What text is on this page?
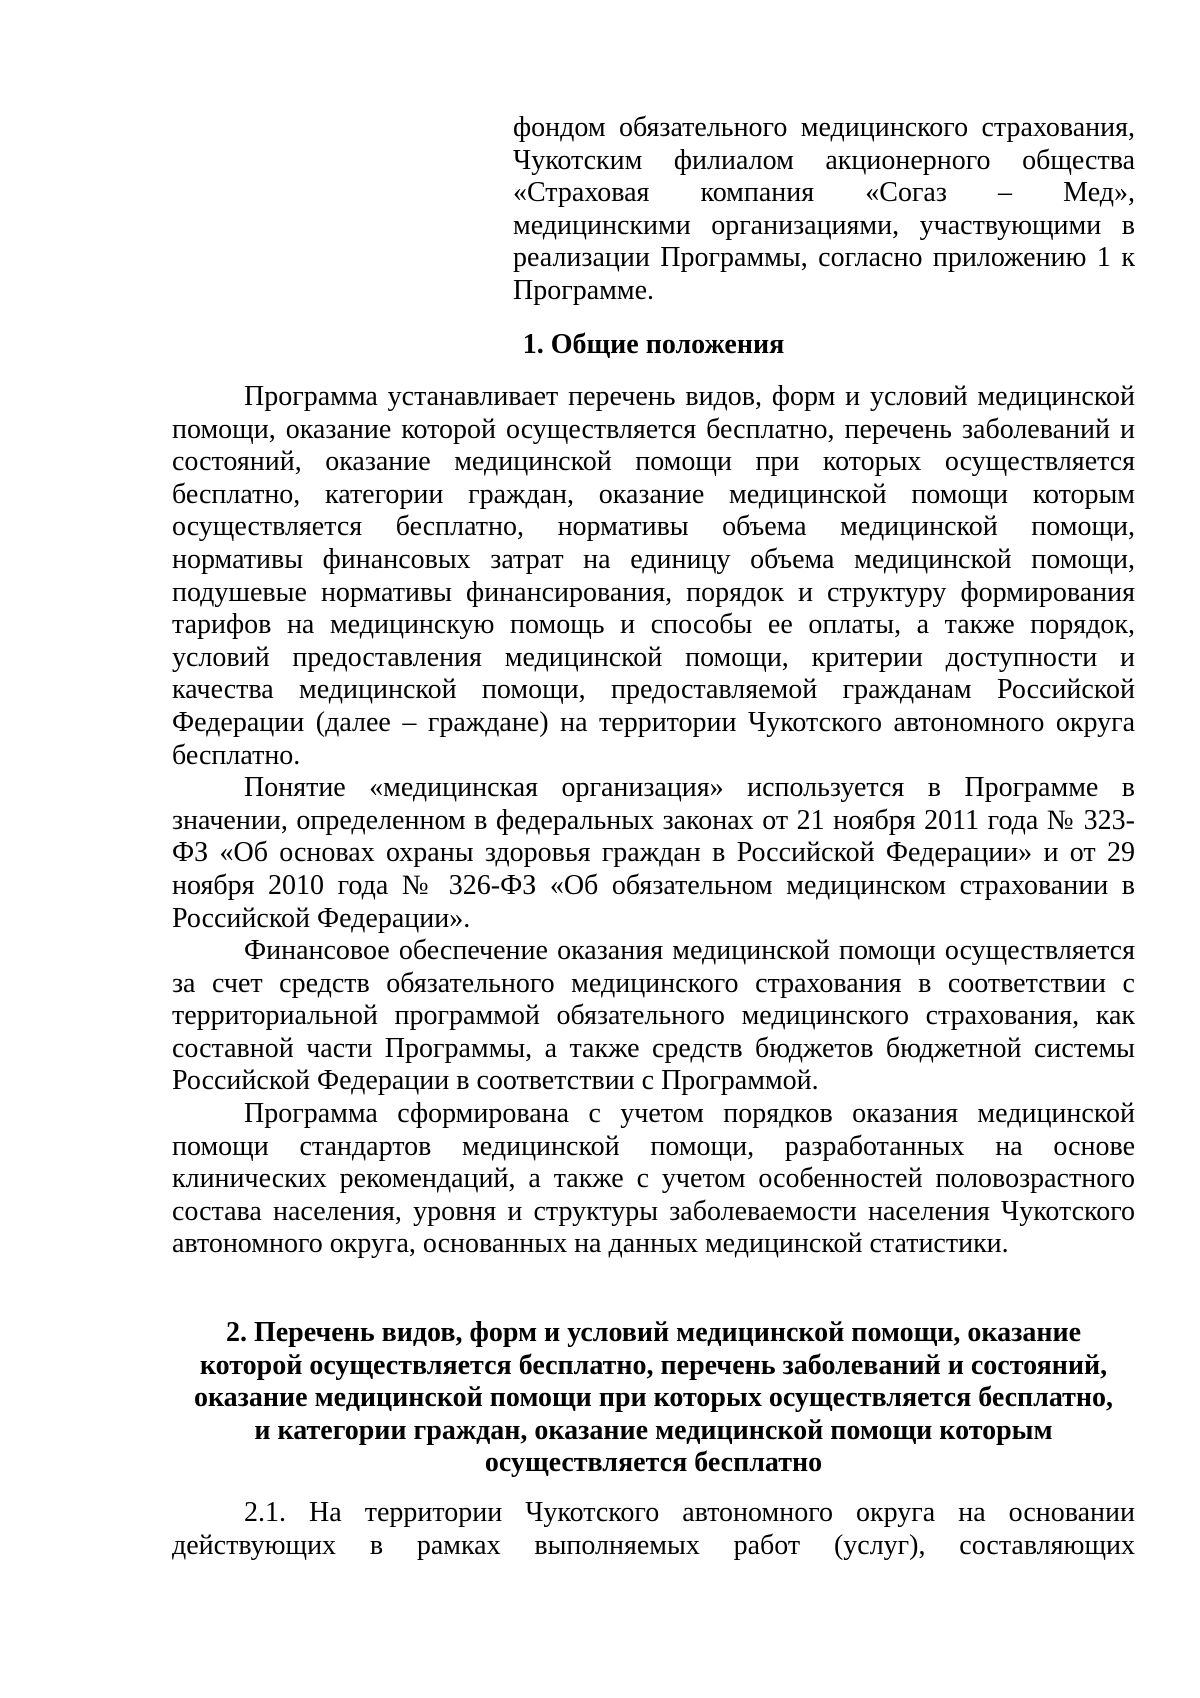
фондом обязательного медицинского страхования, Чукотским филиалом акционерного общества «Страховая компания «Согаз – Мед», медицинскими организациями, участвующими в реализации Программы, согласно приложению 1 к Программе.

1. Общие положения

Программа устанавливает перечень видов, форм и условий медицинской помощи, оказание которой осуществляется бесплатно, перечень заболеваний и состояний, оказание медицинской помощи при которых осуществляется бесплатно, категории граждан, оказание медицинской помощи которым осуществляется бесплатно, нормативы объема медицинской помощи, нормативы финансовых затрат на единицу объема медицинской помощи, подушевые нормативы финансирования, порядок и структуру формирования тарифов на медицинскую помощь и способы ее оплаты, а также порядок, условий предоставления медицинской помощи, критерии доступности и качества медицинской помощи, предоставляемой гражданам Российской Федерации (далее – граждане) на территории Чукотского автономного округа бесплатно.

Понятие «медицинская организация» используется в Программе в значении, определенном в федеральных законах от 21 ноября 2011 года № 323-ФЗ «Об основах охраны здоровья граждан в Российской Федерации» и от 29 ноября 2010 года № 326-ФЗ «Об обязательном медицинском страховании в Российской Федерации».

Финансовое обеспечение оказания медицинской помощи осуществляется за счет средств обязательного медицинского страхования в соответствии с территориальной программой обязательного медицинского страхования, как составной части Программы, а также средств бюджетов бюджетной системы Российской Федерации в соответствии с Программой.

Программа сформирована с учетом порядков оказания медицинской помощи стандартов медицинской помощи, разработанных на основе клинических рекомендаций, а также с учетом особенностей половозрастного состава населения, уровня и структуры заболеваемости населения Чукотского автономного округа, основанных на данных медицинской статистики.

2. Перечень видов, форм и условий медицинской помощи, оказание
которой осуществляется бесплатно, перечень заболеваний и состояний,
оказание медицинской помощи при которых осуществляется бесплатно,
и категории граждан, оказание медицинской помощи которым
осуществляется бесплатно

2.1. На территории Чукотского автономного округа на основании действующих в рамках выполняемых работ (услуг), составляющих
